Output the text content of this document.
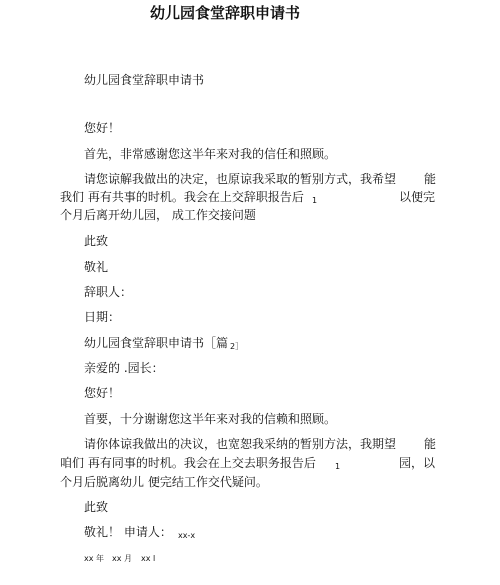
幼儿园食堂辞职申请书
幼儿园食堂辞职申请书
您好！
首先，非常感谢您这半年来对我的信任和照顾。
请您谅解我做出的决定，也原谅我采取的暂别方式，我希望 能
我们 再有共事的时机。我会在上交辞职报告后 1	以便完
个月后离开幼儿园， 成工作交接问题
此致
敬礼
辞职人：
日期：
幼儿园食堂辞职申请书［篇 2］
亲爱的 .园长：
您好！
首要，十分谢谢您这半年来对我的信赖和照顾。
请你体谅我做出的决议，也宽恕我采纳的暂别方法，我期望 能
咱们 再有同事的时机。我会在上交去职务报告后 1	园，以
个月后脱离幼儿 便完结工作交代疑问。
此致
敬礼！ 申请人： xx-x
xx 年 xx 月 xx l
